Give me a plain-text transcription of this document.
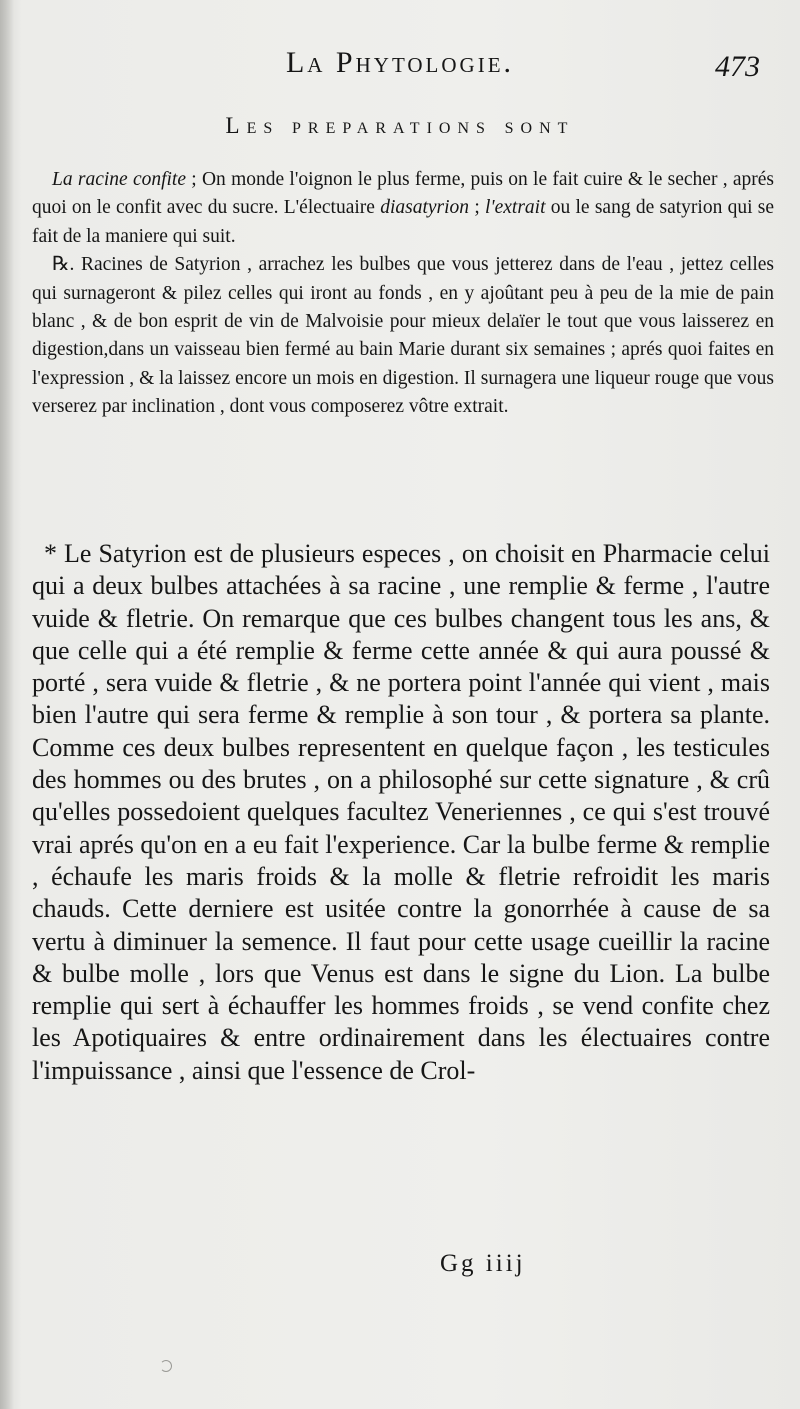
La Phytologie.	473
Les preparations sont

La racine confite ; On monde l'oignon le plus ferme, puis on le fait cuire & le secher , aprés quoi on le confit avec du sucre. L'électuaire diasatyrion ; l'extrait ou le sang de satyrion qui se fait de la maniere qui suit.

℞. Racines de Satyrion , arrachez les bulbes que vous jetterez dans de l'eau , jettez celles qui surnageront & pilez celles qui iront au fonds , en y ajoûtant peu à peu de la mie de pain blanc , & de bon esprit de vin de Malvoisie pour mieux delaïer le tout que vous laisserez en digestion,dans un vaisseau bien fermé au bain Marie durant six semaines ; aprés quoi faites en l'expression , & la laissez encore un mois en digestion. Il surnagera une liqueur rouge que vous verserez par inclination , dont vous composerez vôtre extrait.

* Le Satyrion est de plusieurs especes , on choisit en Pharmacie celui qui a deux bulbes attachées à sa racine , une remplie & ferme , l'autre vuide & fletrie. On remarque que ces bulbes changent tous les ans, & que celle qui a été remplie & ferme cette année & qui aura poussé & porté , sera vuide & fletrie , & ne portera point l'année qui vient , mais bien l'autre qui sera ferme & remplie à son tour , & portera sa plante. Comme ces deux bulbes representent en quelque façon , les testicules des hommes ou des brutes , on a philosophé sur cette signature , & crû qu'elles possedoient quelques facultez Veneriennes , ce qui s'est trouvé vrai aprés qu'on en a eu fait l'experience. Car la bulbe ferme & remplie , échaufe les maris froids & la molle & fletrie refroidit les maris chauds. Cette derniere est usitée contre la gonorrhée à cause de sa vertu à diminuer la semence. Il faut pour cette usage cueillir la racine & bulbe molle , lors que Venus est dans le signe du Lion. La bulbe remplie qui sert à échauffer les hommes froids , se vend confite chez les Apotiquaires & entre ordinairement dans les électuaires contre l'impuissance , ainsi que l'essence de Crol-

Gg iiij
